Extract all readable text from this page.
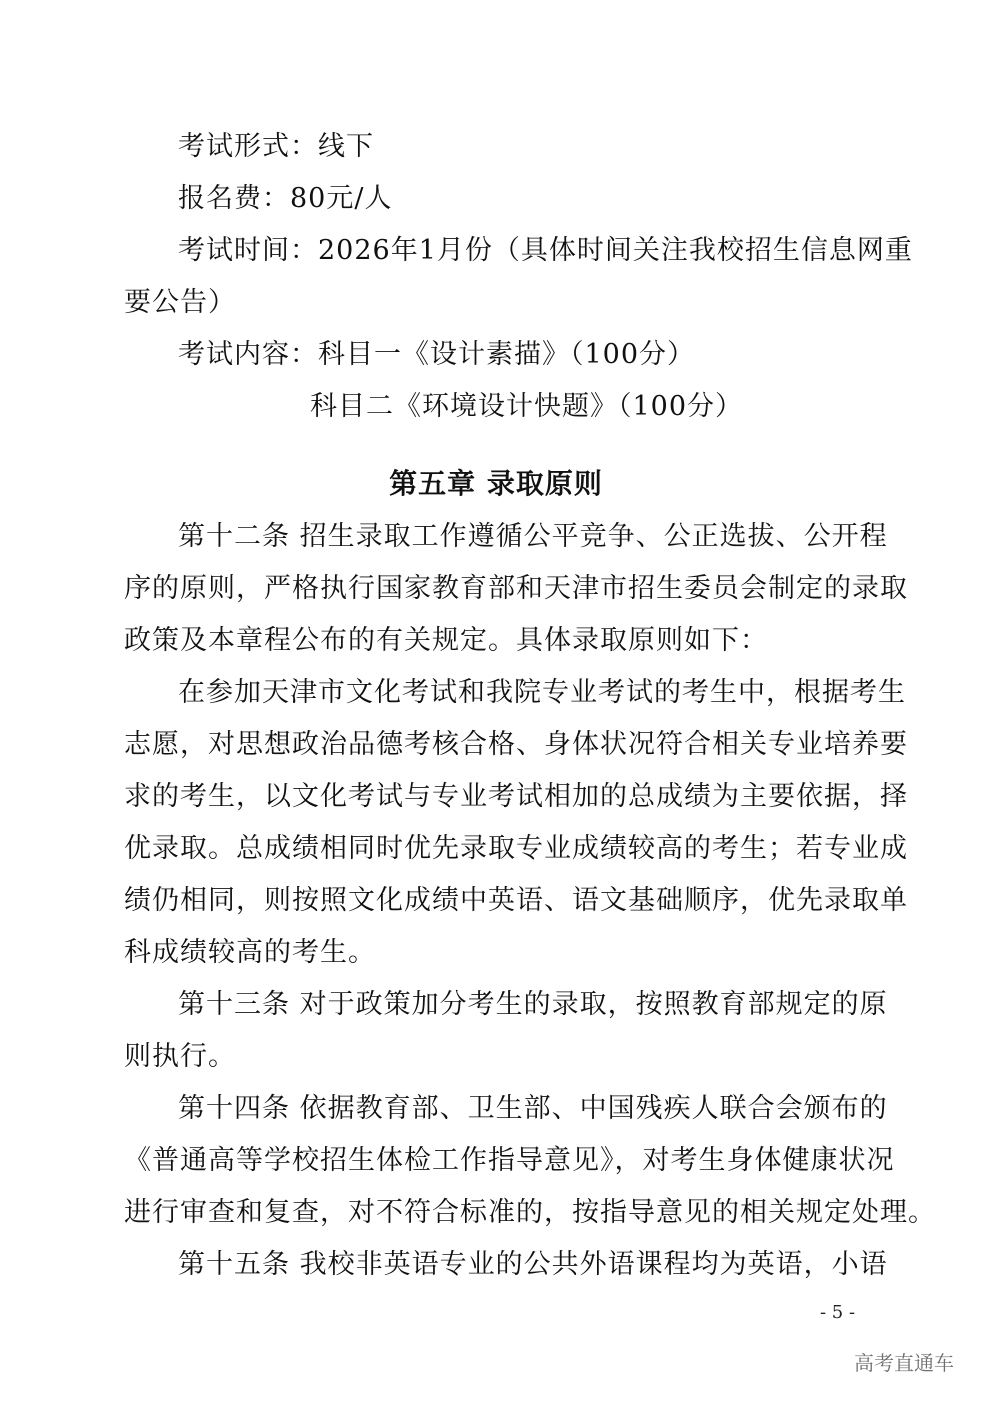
考试形式：线下
报名费：80元/人
考试时间：2026年1月份（具体时间关注我校招生信息网重
要公告）
考试内容：科目一《设计素描》（100分）
科目二《环境设计快题》（100分）
第五章 录取原则
第十二条 招生录取工作遵循公平竞争、公正选拔、公开程
序的原则，严格执行国家教育部和天津市招生委员会制定的录取
政策及本章程公布的有关规定。具体录取原则如下：
在参加天津市文化考试和我院专业考试的考生中，根据考生
志愿，对思想政治品德考核合格、身体状况符合相关专业培养要
求的考生，以文化考试与专业考试相加的总成绩为主要依据，择
优录取。总成绩相同时优先录取专业成绩较高的考生；若专业成
绩仍相同，则按照文化成绩中英语、语文基础顺序，优先录取单
科成绩较高的考生。
第十三条 对于政策加分考生的录取，按照教育部规定的原
则执行。
第十四条 依据教育部、卫生部、中国残疾人联合会颁布的
《普通高等学校招生体检工作指导意见》，对考生身体健康状况
进行审查和复查，对不符合标准的，按指导意见的相关规定处理。
第十五条 我校非英语专业的公共外语课程均为英语，小语
- 5 -
高考直通车
